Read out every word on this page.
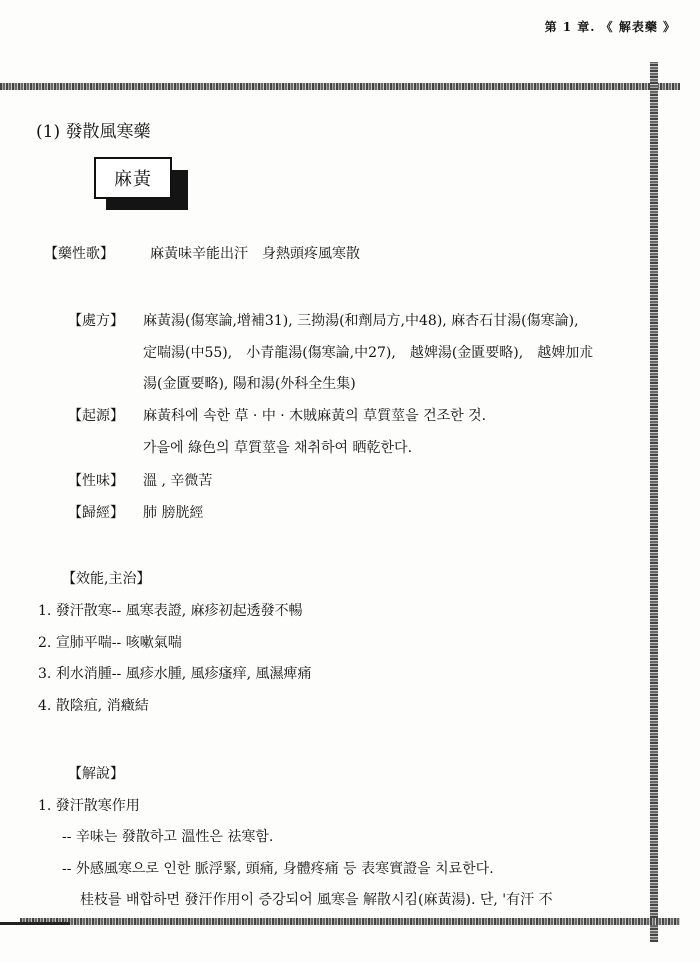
第 1 章. 《 解表藥 》
(1) 發散風寒藥
麻黃
【藥性歌】	麻黃味辛能出汗　身熱頭疼風寒散
【處方】 麻黃湯(傷寒論,增補31), 三拗湯(和劑局方,中48), 麻杏石甘湯(傷寒論),
定喘湯(中55),　小青龍湯(傷寒論,中27),　越婢湯(金匱要略),　越婢加朮
湯(金匱要略), 陽和湯(外科全生集)
【起源】 麻黃科에 속한 草 · 中 · 木賊麻黃의 草質莖을 건조한 것.
가을에 綠色의 草質莖을 채취하여 晒乾한다.
【性味】 溫 , 辛微苦
【歸經】 肺 膀胱經
【效能,主治】
1. 發汗散寒-- 風寒表證, 麻疹初起透發不暢
2. 宣肺平喘-- 咳嗽氣喘
3. 利水消腫-- 風疹水腫, 風疹瘙痒, 風濕痺痛
4. 散陰疽, 消癥結
【解說】
1. 發汗散寒作用
-- 辛味는 發散하고 溫性은 祛寒함.
-- 外感風寒으로 인한 脈浮緊, 頭痛, 身體疼痛 등 表寒實證을 치료한다.
桂枝를 배합하면 發汗作用이 증강되어 風寒을 解散시킴(麻黃湯). 단, '有汗 不
